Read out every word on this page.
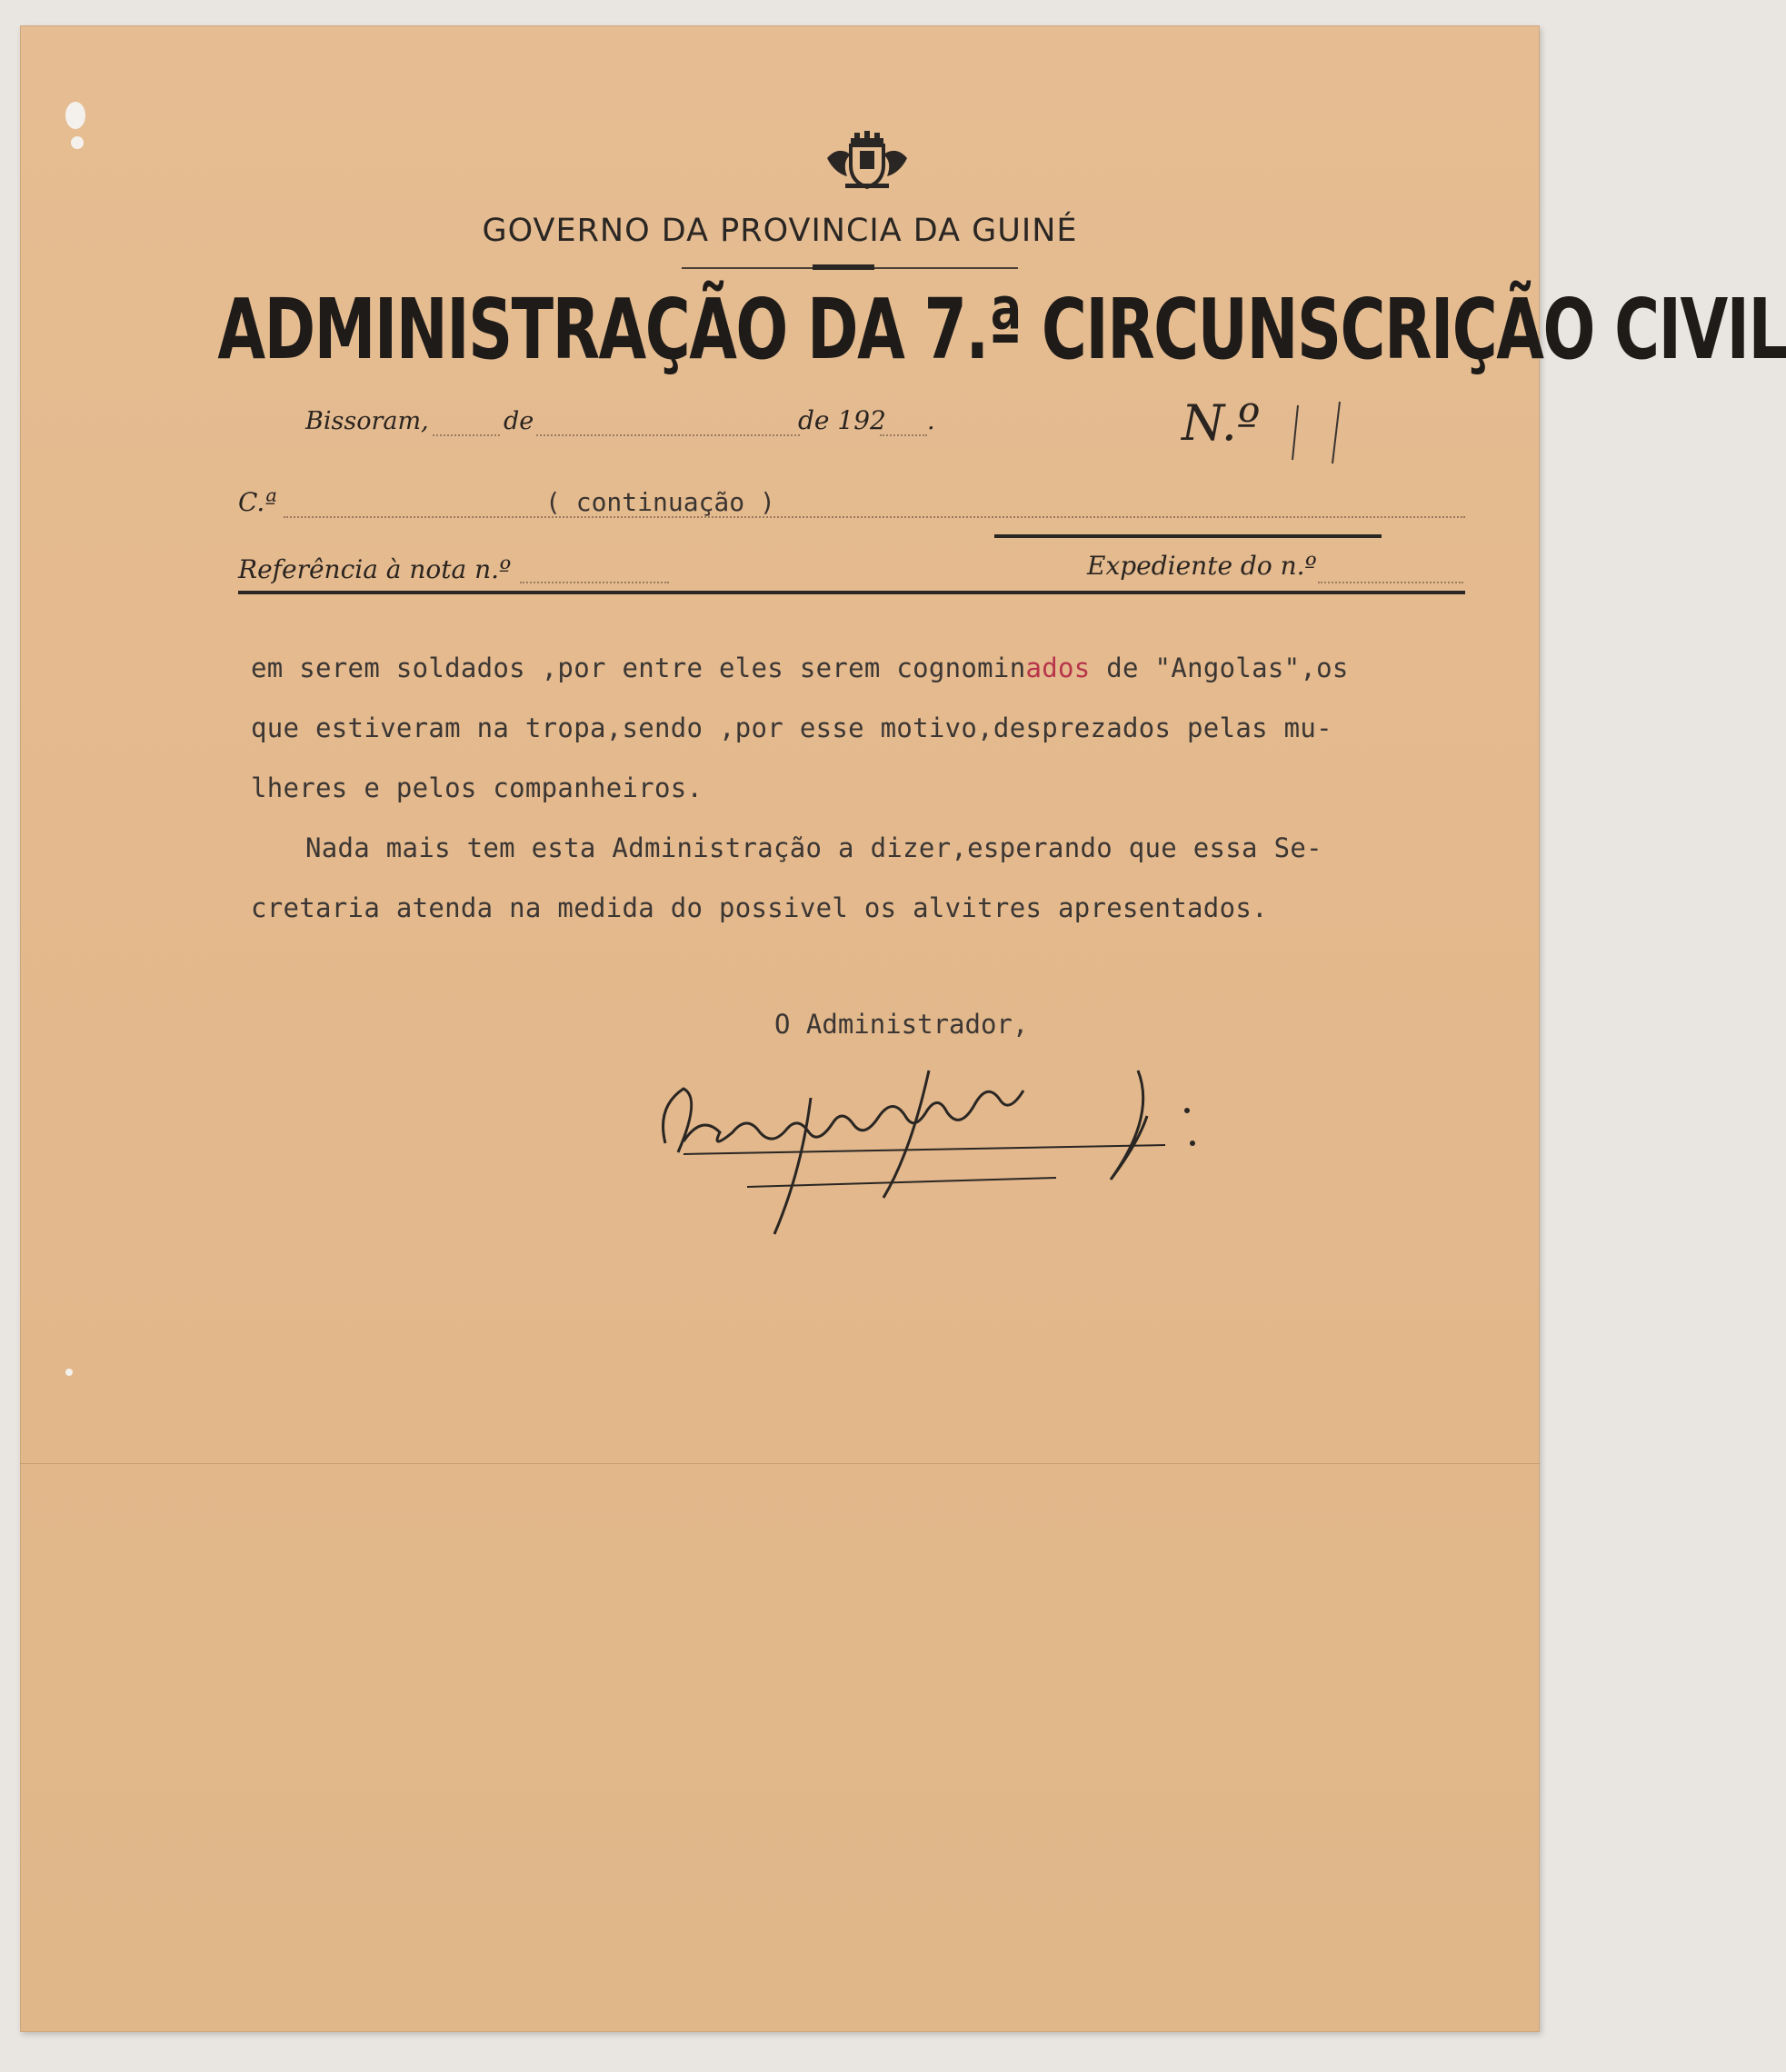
GOVERNO DA PROVINCIA DA GUINÉ
ADMINISTRAÇÃO DA 7.ª CIRCUNSCRIÇÃO CIVIL
Bissoram,	de	de 192 .	N.º
C.ª	( continuação )
Referência à nota n.º	Expediente do n.º
em serem soldados ,por entre eles serem cognominados de "Angolas",os
que estiveram na tropa,sendo ,por esse motivo,desprezados pelas mu-
lheres e pelos companheiros.
Nada mais tem esta Administração a dizer,esperando que essa Se-
cretaria atenda na medida do possivel os alvitres apresentados.
O Administrador,
